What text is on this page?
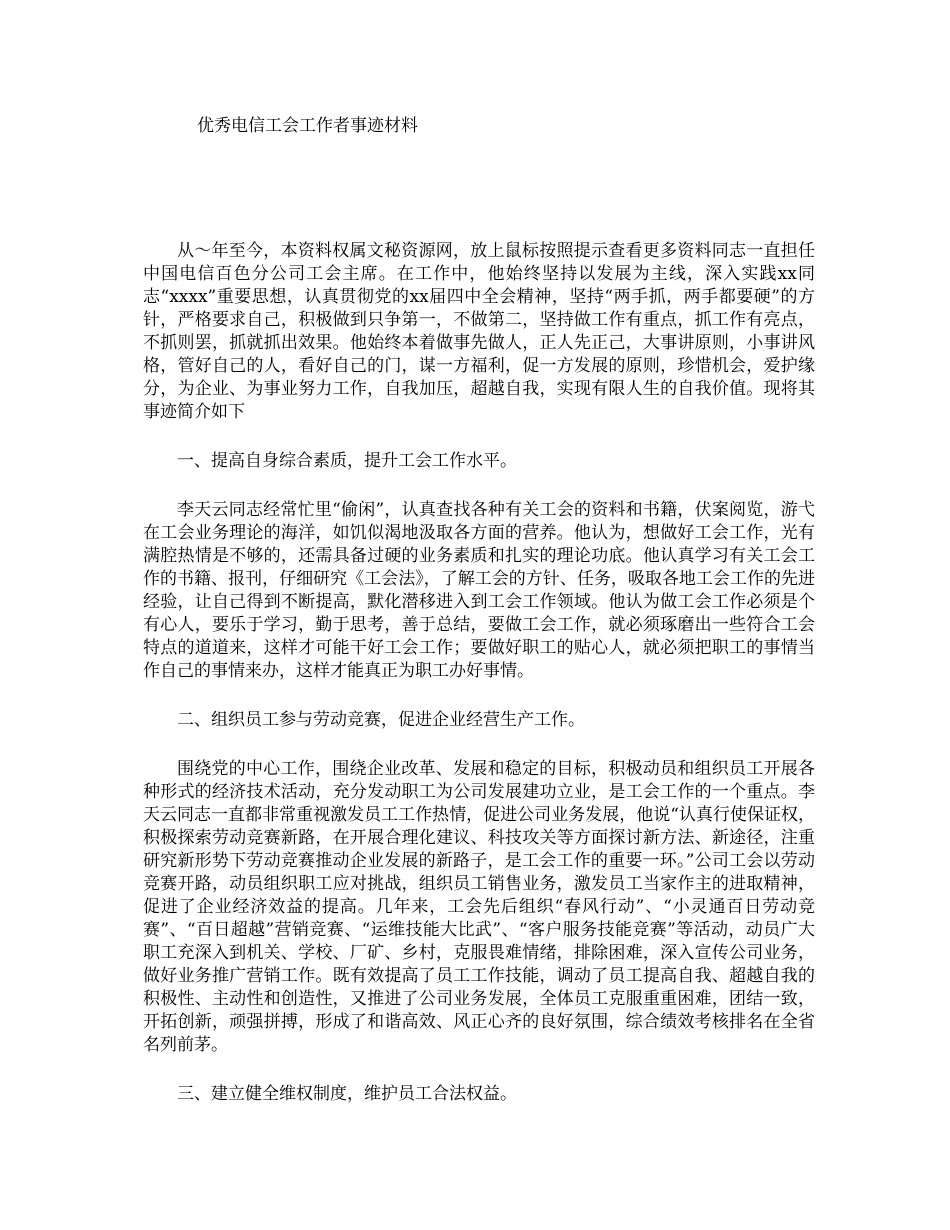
优秀电信工会工作者事迹材料

从～年至今，本资料权属文秘资源网，放上鼠标按照提示查看更多资料同志一直担任中国电信百色分公司工会主席。在工作中，他始终坚持以发展为主线，深入实践xx同志“xxxx”重要思想，认真贯彻党的xx届四中全会精神，坚持“两手抓，两手都要硬”的方针，严格要求自己，积极做到只争第一，不做第二，坚持做工作有重点，抓工作有亮点，不抓则罢，抓就抓出效果。他始终本着做事先做人，正人先正己，大事讲原则，小事讲风格，管好自己的人，看好自己的门，谋一方福利，促一方发展的原则，珍惜机会，爱护缘分，为企业、为事业努力工作，自我加压，超越自我，实现有限人生的自我价值。现将其事迹简介如下

一、提高自身综合素质，提升工会工作水平。

李天云同志经常忙里“偷闲”，认真查找各种有关工会的资料和书籍，伏案阅览，游弋在工会业务理论的海洋，如饥似渴地汲取各方面的营养。他认为，想做好工会工作，光有满腔热情是不够的，还需具备过硬的业务素质和扎实的理论功底。他认真学习有关工会工作的书籍、报刊，仔细研究《工会法》，了解工会的方针、任务，吸取各地工会工作的先进经验，让自己得到不断提高，默化潜移进入到工会工作领域。他认为做工会工作必须是个有心人，要乐于学习，勤于思考，善于总结，要做工会工作，就必须琢磨出一些符合工会特点的道道来，这样才可能干好工会工作；要做好职工的贴心人，就必须把职工的事情当作自己的事情来办，这样才能真正为职工办好事情。

二、组织员工参与劳动竞赛，促进企业经营生产工作。

围绕党的中心工作，围绕企业改革、发展和稳定的目标，积极动员和组织员工开展各种形式的经济技术活动，充分发动职工为公司发展建功立业，是工会工作的一个重点。李天云同志一直都非常重视激发员工工作热情，促进公司业务发展，他说“认真行使保证权，积极探索劳动竞赛新路，在开展合理化建议、科技攻关等方面探讨新方法、新途径，注重研究新形势下劳动竞赛推动企业发展的新路子，是工会工作的重要一环。”公司工会以劳动竞赛开路，动员组织职工应对挑战，组织员工销售业务，激发员工当家作主的进取精神，促进了企业经济效益的提高。几年来，工会先后组织“春风行动”、“小灵通百日劳动竞赛”、“百日超越”营销竞赛、“运维技能大比武”、“客户服务技能竞赛”等活动，动员广大职工充深入到机关、学校、厂矿、乡村，克服畏难情绪，排除困难，深入宣传公司业务，做好业务推广营销工作。既有效提高了员工工作技能，调动了员工提高自我、超越自我的积极性、主动性和创造性，又推进了公司业务发展，全体员工克服重重困难，团结一致，开拓创新，顽强拼搏，形成了和谐高效、风正心齐的良好氛围，综合绩效考核排名在全省名列前茅。

三、建立健全维权制度，维护员工合法权益。
